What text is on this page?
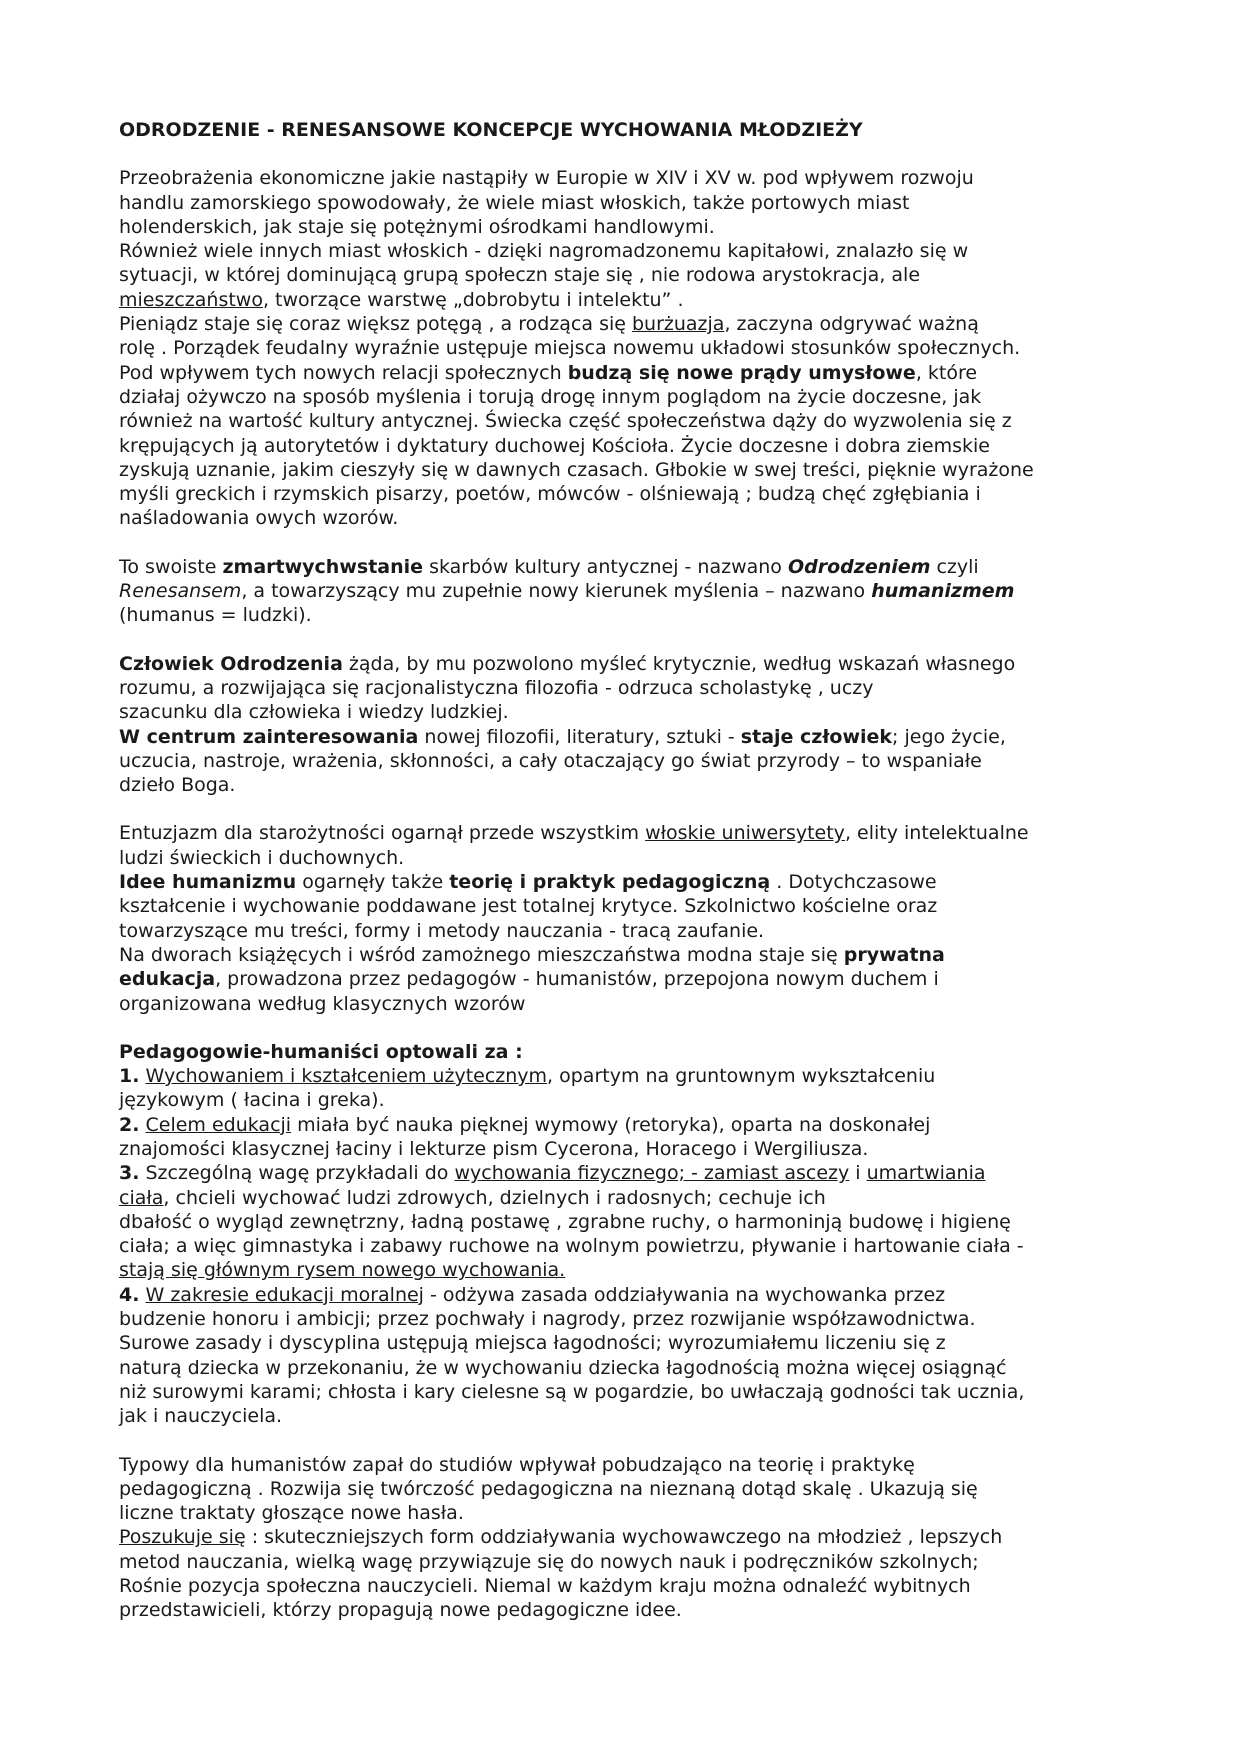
ODRODZENIE - RENESANSOWE KONCEPCJE WYCHOWANIA MŁODZIEŻY

Przeobrażenia ekonomiczne jakie nastąpiły w Europie w XIV i XV w. pod wpływem rozwoju
handlu zamorskiego spowodowały, że wiele miast włoskich, także portowych miast
holenderskich, jak staje się potężnymi ośrodkami handlowymi.
Również wiele innych miast włoskich - dzięki nagromadzonemu kapitałowi, znalazło się w
sytuacji, w której dominującą grupą społeczn staje się , nie rodowa arystokracja, ale
mieszczaństwo, tworzące warstwę „dobrobytu i intelektu” .
Pieniądz staje się coraz większ potęgą , a rodząca się burżuazja, zaczyna odgrywać ważną
rolę . Porządek feudalny wyraźnie ustępuje miejsca nowemu układowi stosunków społecznych.
Pod wpływem tych nowych relacji społecznych budzą się nowe prądy umysłowe, które
działaj ożywczo na sposób myślenia i torują drogę innym poglądom na życie doczesne, jak
również na wartość kultury antycznej. Świecka część społeczeństwa dąży do wyzwolenia się z
krępujących ją autorytetów i dyktatury duchowej Kościoła. Życie doczesne i dobra ziemskie
zyskują uznanie, jakim cieszyły się w dawnych czasach. Głbokie w swej treści, pięknie wyrażone
myśli greckich i rzymskich pisarzy, poetów, mówców - olśniewają ; budzą chęć zgłębiania i
naśladowania owych wzorów.

To swoiste zmartwychwstanie skarbów kultury antycznej - nazwano Odrodzeniem czyli
Renesansem, a towarzyszący mu zupełnie nowy kierunek myślenia – nazwano humanizmem
(humanus = ludzki).

Człowiek Odrodzenia żąda, by mu pozwolono myśleć krytycznie, według wskazań własnego
rozumu, a rozwijająca się racjonalistyczna filozofia - odrzuca scholastykę , uczy
szacunku dla człowieka i wiedzy ludzkiej.
W centrum zainteresowania nowej filozofii, literatury, sztuki - staje człowiek; jego życie,
uczucia, nastroje, wrażenia, skłonności, a cały otaczający go świat przyrody – to wspaniałe
dzieło Boga.

Entuzjazm dla starożytności ogarnął przede wszystkim włoskie uniwersytety, elity intelektualne
ludzi świeckich i duchownych.
Idee humanizmu ogarnęły także teorię i praktyk pedagogiczną . Dotychczasowe
kształcenie i wychowanie poddawane jest totalnej krytyce. Szkolnictwo kościelne oraz
towarzyszące mu treści, formy i metody nauczania - tracą zaufanie.
Na dworach książęcych i wśród zamożnego mieszczaństwa modna staje się prywatna
edukacja, prowadzona przez pedagogów - humanistów, przepojona nowym duchem i
organizowana według klasycznych wzorów

Pedagogowie-humaniści optowali za :
1. Wychowaniem i kształceniem użytecznym, opartym na gruntownym wykształceniu
językowym ( łacina i greka).
2. Celem edukacji miała być nauka pięknej wymowy (retoryka), oparta na doskonałej
znajomości klasycznej łaciny i lekturze pism Cycerona, Horacego i Wergiliusza.
3. Szczególną wagę przykładali do wychowania fizycznego; - zamiast ascezy i umartwiania
ciała, chcieli wychować ludzi zdrowych, dzielnych i radosnych; cechuje ich
dbałość o wygląd zewnętrzny, ładną postawę , zgrabne ruchy, o harmoninją budowę i higienę
ciała; a więc gimnastyka i zabawy ruchowe na wolnym powietrzu, pływanie i hartowanie ciała -
stają się głównym rysem nowego wychowania.
4. W zakresie edukacji moralnej - odżywa zasada oddziaływania na wychowanka przez
budzenie honoru i ambicji; przez pochwały i nagrody, przez rozwijanie współzawodnictwa.
Surowe zasady i dyscyplina ustępują miejsca łagodności; wyrozumiałemu liczeniu się z
naturą dziecka w przekonaniu, że w wychowaniu dziecka łagodnością można więcej osiągnąć
niż surowymi karami; chłosta i kary cielesne są w pogardzie, bo uwłaczają godności tak ucznia,
jak i nauczyciela.

Typowy dla humanistów zapał do studiów wpływał pobudzająco na teorię i praktykę
pedagogiczną . Rozwija się twórczość pedagogiczna na nieznaną dotąd skalę . Ukazują się
liczne traktaty głoszące nowe hasła.
Poszukuje się : skuteczniejszych form oddziaływania wychowawczego na młodzież , lepszych
metod nauczania, wielką wagę przywiązuje się do nowych nauk i podręczników szkolnych;
Rośnie pozycja społeczna nauczycieli. Niemal w każdym kraju można odnaleźć wybitnych
przedstawicieli, którzy propagują nowe pedagogiczne idee.
